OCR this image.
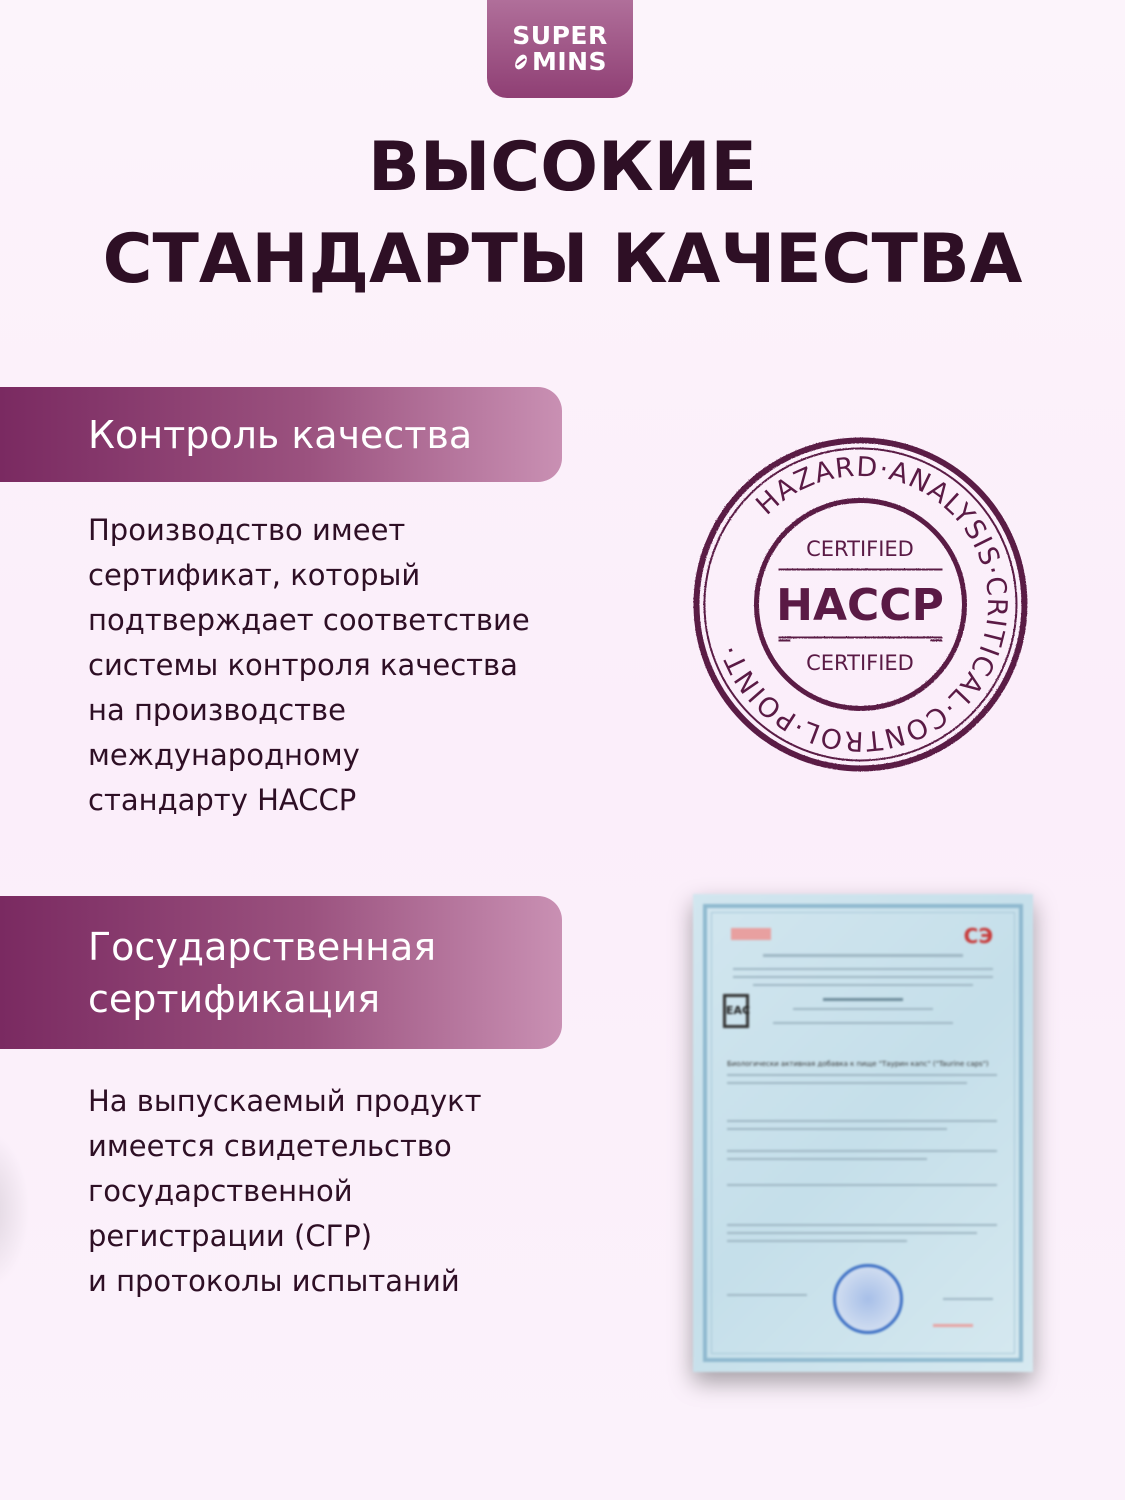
SUPER
MINS
ВЫСОКИЕ
СТАНДАРТЫ КАЧЕСТВА
Контроль качества
Производство имеет
сертификат, который
подтверждает соответствие
системы контроля качества
на производстве
международному
стандарту HACCP
HAZARD·ANALYSIS·CRITICAL·CONTROL·POINT·
CERTIFIED
HACCP
CERTIFIED
Государственная
сертификация
На выпускаемый продукт
имеется свидетельство
государственной
регистрации (СГР)
и протоколы испытаний
СЭ
EAC
Биологически активная добавка к пище "Таурин капс" ("Taurine caps")
